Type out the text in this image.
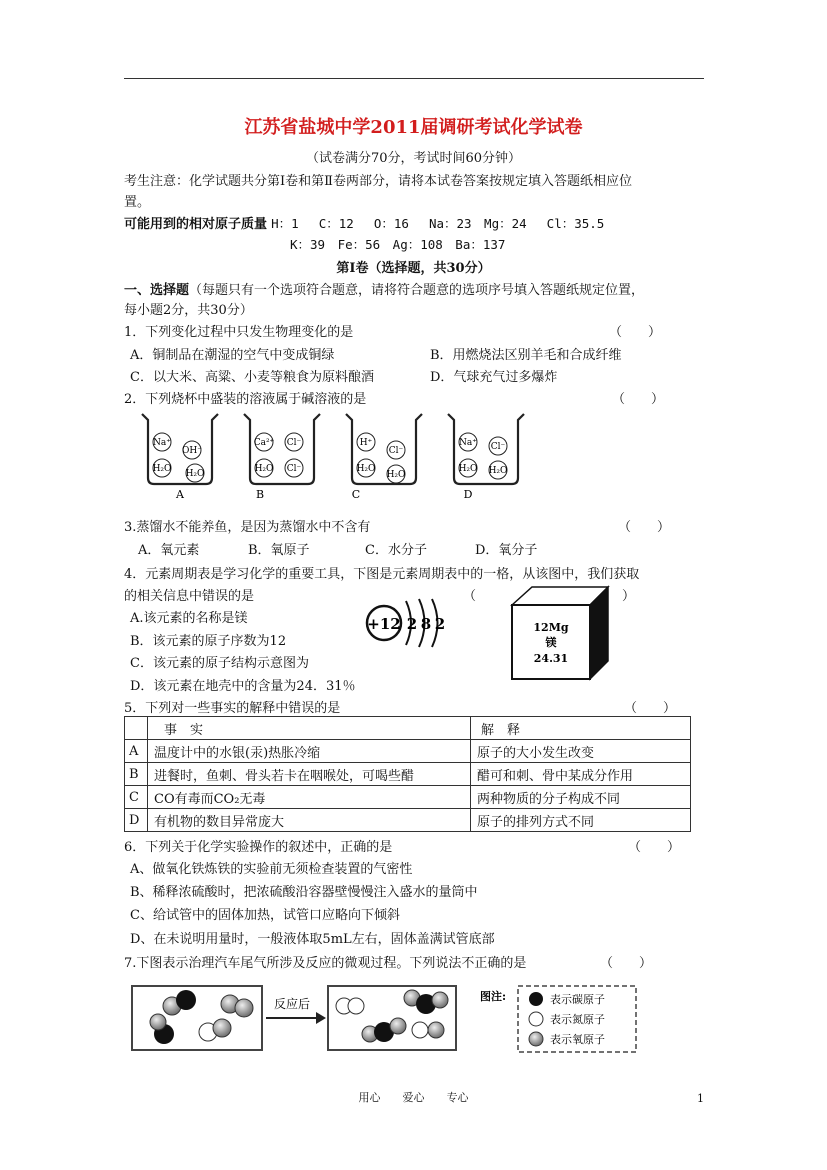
江苏省盐城中学2011届调研考试化学试卷
（试卷满分70分，考试时间60分钟）
考生注意：化学试题共分第Ⅰ卷和第Ⅱ卷两部分，请将本试卷答案按规定填入答题纸相应位
置。
可能用到的相对原子质量 H：1　 C：12　 O：16　 Na：23　Mg：24　 Cl：35.5
K：39　Fe：56　Ag：108　Ba：137
第Ⅰ卷（选择题，共30分）
一、选择题（每题只有一个选项符合题意，请将符合题意的选项序号填入答题纸规定位置，
每小题2分，共30分）
1．下列变化过程中只发生物理变化的是	（　　）
A．铜制品在潮湿的空气中变成铜绿	B．用燃烧法区别羊毛和合成纤维
C．以大米、高粱、小麦等粮食为原料酿酒	D．气球充气过多爆炸
2．下列烧杯中盛装的溶液属于碱溶液的是	（　　）
Na⁺
OH⁻
H₂O H₂O
A
Ca²⁺ Cl⁻
H₂O Cl⁻
B
H⁺
Cl⁻
H₂O
H₂O
C
Na⁺ Cl⁻
H₂O H₂O
D
3.蒸馏水不能养鱼，是因为蒸馏水中不含有	（　　）
A．氧元素	B．氧原子	C．水分子	D．氧分子
4．元素周期表是学习化学的重要工具，下图是元素周期表中的一格，从该图中，我们获取
的相关信息中错误的是	（	）
A.该元素的名称是镁
B．该元素的原子序数为12
C．该元素的原子结构示意图为
D．该元素在地壳中的含量为24．31％
+12 2 8 2	12Mg
镁
24.31
5．下列对一些事实的解释中错误的是	（　　）
	事　实	解　释
A	温度计中的水银(汞)热胀冷缩	原子的大小发生改变
B	进餐时，鱼刺、骨头若卡在咽喉处，可喝些醋	醋可和刺、骨中某成分作用
C	CO有毒而CO₂无毒	两种物质的分子构成不同
D	有机物的数目异常庞大	原子的排列方式不同
6．下列关于化学实验操作的叙述中，正确的是	（　　）
A、做氧化铁炼铁的实验前无须检查装置的气密性
B、稀释浓硫酸时，把浓硫酸沿容器壁慢慢注入盛水的量筒中
C、给试管中的固体加热，试管口应略向下倾斜
D、在未说明用量时，一般液体取5mL左右，固体盖满试管底部
7.下图表示治理汽车尾气所涉及反应的微观过程。下列说法不正确的是	（　　）
反应后
图注:	表示碳原子
表示氮原子
表示氧原子
用心　　爱心　　专心	1
